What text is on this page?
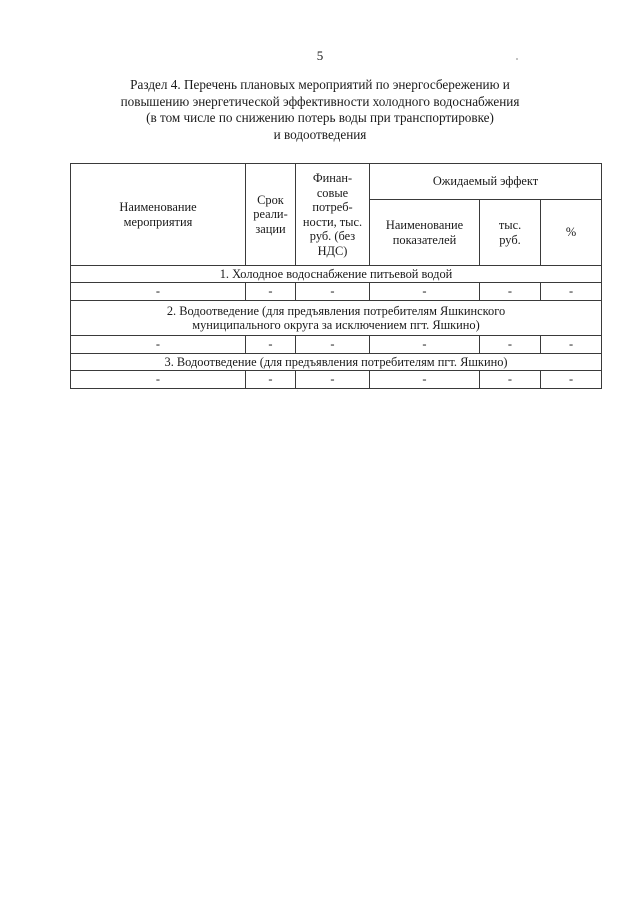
5
Раздел 4. Перечень плановых мероприятий по энергосбережению и
повышению энергетической эффективности холодного водоснабжения
(в том числе по снижению потерь воды при транспортировке)
и водоотведения
Наименование мероприятия	Срок реали- зации	Финан- совые потреб- ности, тыс. руб. (без НДС)	Ожидаемый эффект		
			Наименование показателей	тыс. руб.	%
1. Холодное водоснабжение питьевой водой					
-	-	-	-	-	-

2. Водоотведение (для предъявления потребителям Яшкинского
муниципального округа за исключением пгт. Яшкино)					

-	-	-	-	-	-
3. Водоотведение (для предъявления потребителям пгт. Яшкино)					
-	-	-	-	-	-
